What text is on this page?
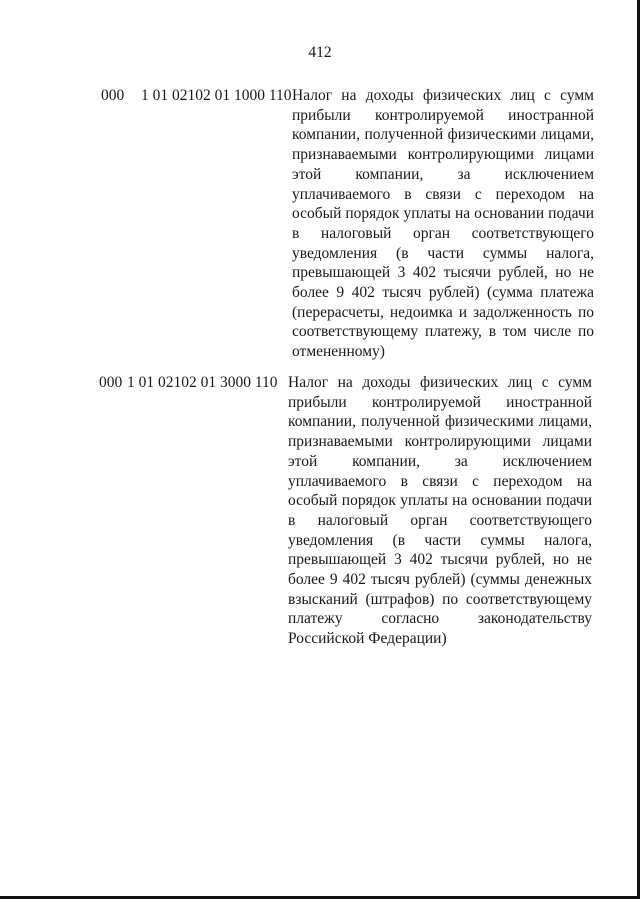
412
000 1 01 02102 01 1000 110 Налог на доходы физических лиц с сумм прибыли контролируемой иностранной компании, полученной физическими лицами, признаваемыми контролирующими лицами этой компании, за исключением уплачиваемого в связи с переходом на особый порядок уплаты на основании подачи в налоговый орган соответствующего уведомления (в части суммы налога, превышающей 3 402 тысячи рублей, но не более 9 402 тысяч рублей) (сумма платежа (перерасчеты, недоимка и задолженность по соответствующему платежу, в том числе по отмененному)
000 1 01 02102 01 3000 110 Налог на доходы физических лиц с сумм прибыли контролируемой иностранной компании, полученной физическими лицами, признаваемыми контролирующими лицами этой компании, за исключением уплачиваемого в связи с переходом на особый порядок уплаты на основании подачи в налоговый орган соответствующего уведомления (в части суммы налога, превышающей 3 402 тысячи рублей, но не более 9 402 тысяч рублей) (суммы денежных взысканий (штрафов) по соответствующему платежу согласно законодательству Российской Федерации)
